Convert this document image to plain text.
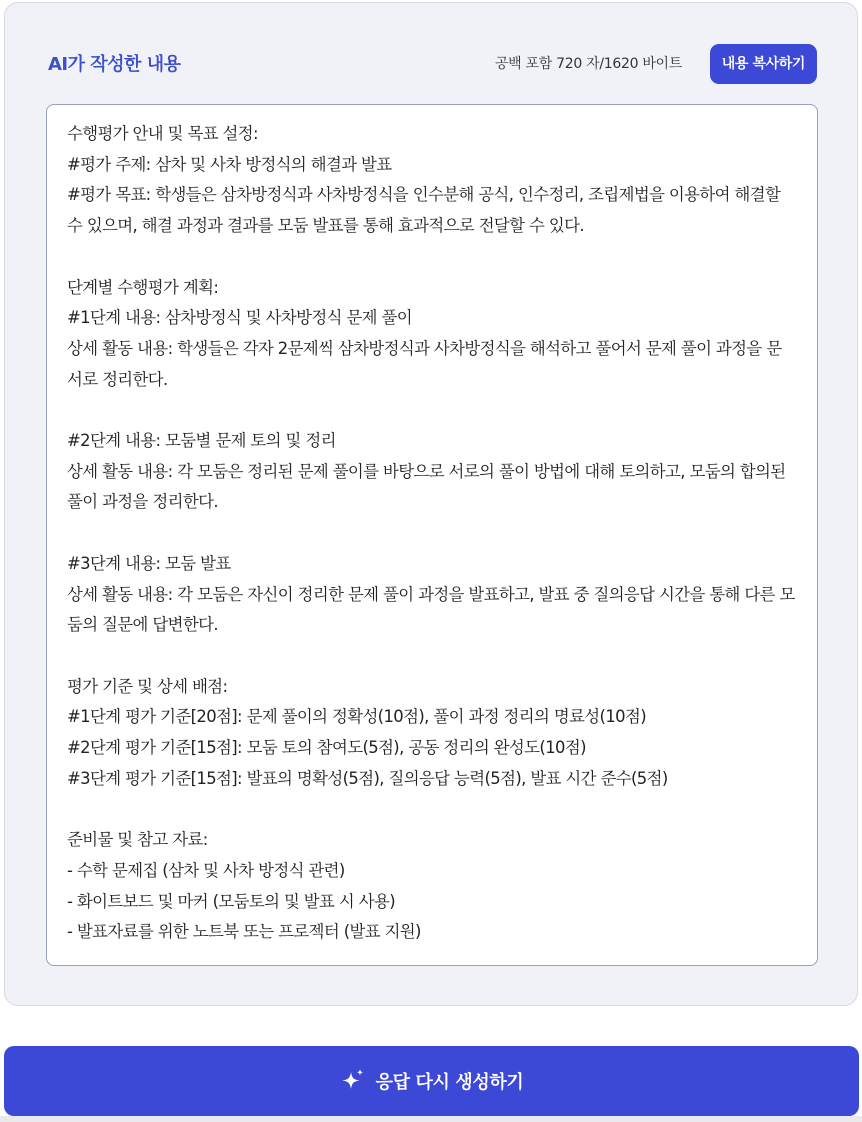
AI가 작성한 내용	공백 포함 720 자/1620 바이트	내용 복사하기
수행평가 안내 및 목표 설정:
#평가 주제: 삼차 및 사차 방정식의 해결과 발표
#평가 목표: 학생들은 삼차방정식과 사차방정식을 인수분해 공식, 인수정리, 조립제법을 이용하여 해결할 수 있으며, 해결 과정과 결과를 모둠 발표를 통해 효과적으로 전달할 수 있다.

단계별 수행평가 계획:
#1단계 내용: 삼차방정식 및 사차방정식 문제 풀이
상세 활동 내용: 학생들은 각자 2문제씩 삼차방정식과 사차방정식을 해석하고 풀어서 문제 풀이 과정을 문서로 정리한다.

#2단계 내용: 모둠별 문제 토의 및 정리
상세 활동 내용: 각 모둠은 정리된 문제 풀이를 바탕으로 서로의 풀이 방법에 대해 토의하고, 모둠의 합의된 풀이 과정을 정리한다.

#3단계 내용: 모둠 발표
상세 활동 내용: 각 모둠은 자신이 정리한 문제 풀이 과정을 발표하고, 발표 중 질의응답 시간을 통해 다른 모둠의 질문에 답변한다.

평가 기준 및 상세 배점:
#1단계 평가 기준[20점]: 문제 풀이의 정확성(10점), 풀이 과정 정리의 명료성(10점)
#2단계 평가 기준[15점]: 모둠 토의 참여도(5점), 공동 정리의 완성도(10점)
#3단계 평가 기준[15점]: 발표의 명확성(5점), 질의응답 능력(5점), 발표 시간 준수(5점)

준비물 및 참고 자료:
- 수학 문제집 (삼차 및 사차 방정식 관련)
- 화이트보드 및 마커 (모둠토의 및 발표 시 사용)
- 발표자료를 위한 노트북 또는 프로젝터 (발표 지원)
응답 다시 생성하기
